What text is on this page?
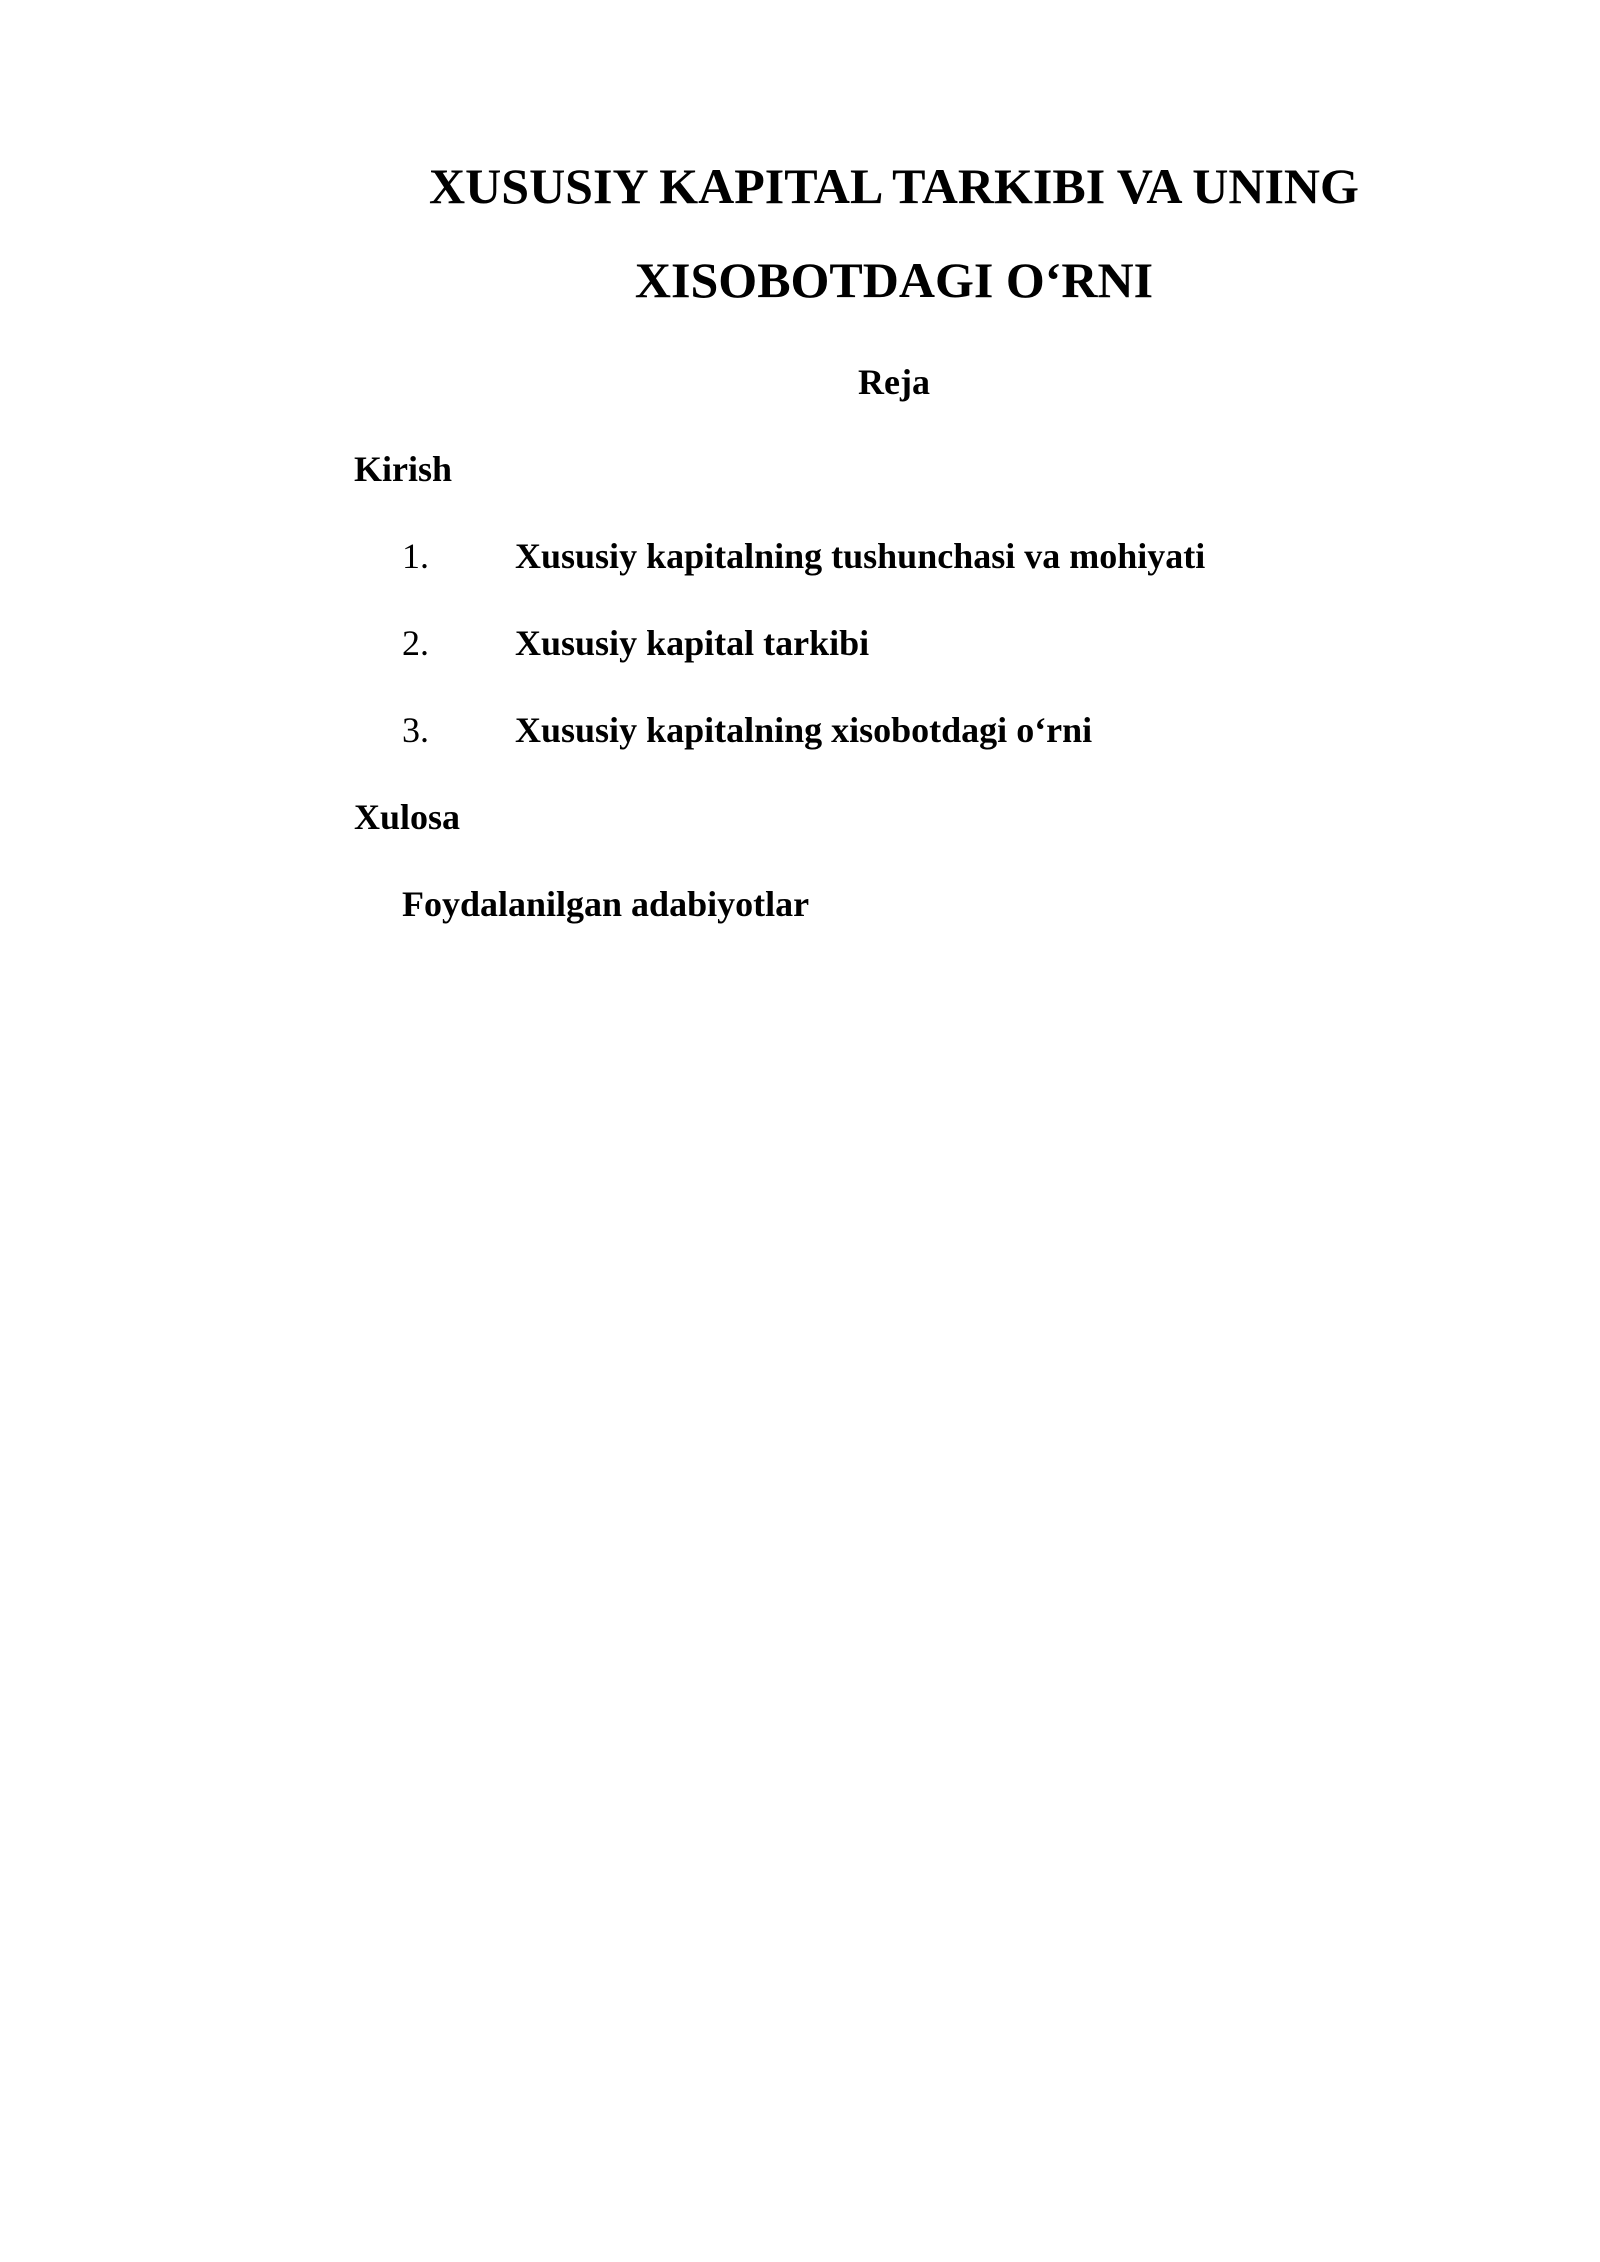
XUSUSIY KAPITAL TARKIBI VA UNING
XISOBOTDAGI O‘RNI
Reja
Kirish
1. Xususiy kapitalning tushunchasi va mohiyati
2. Xususiy kapital tarkibi
3. Xususiy kapitalning xisobotdagi o‘rni
Xulosa
Foydalanilgan adabiyotlar
